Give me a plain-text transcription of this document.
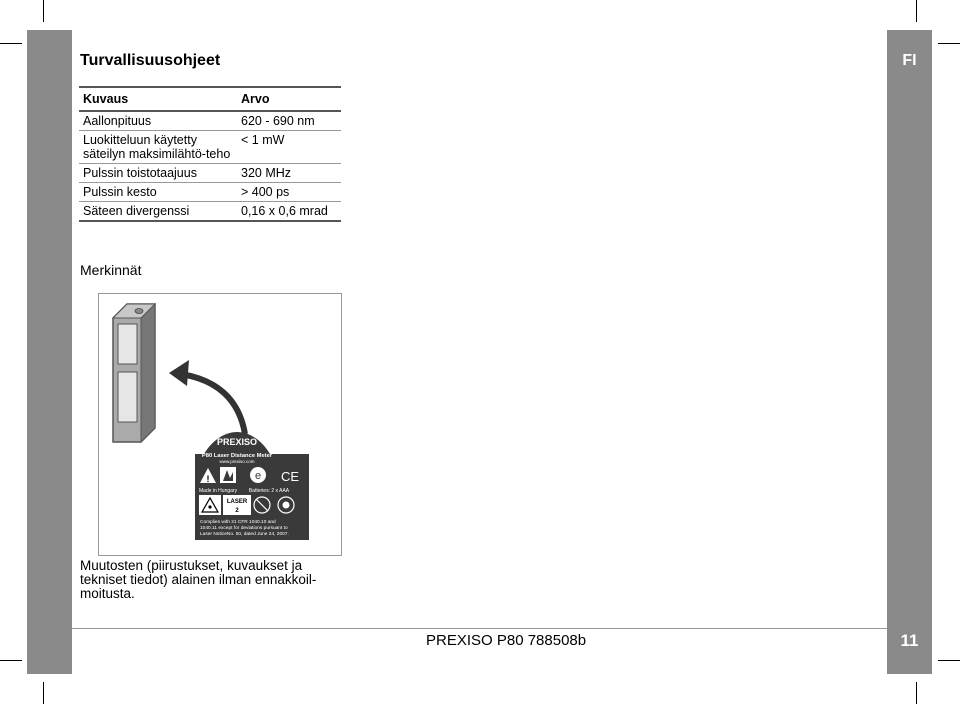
FI
11
Turvallisuusohjeet
Kuvaus	Arvo
Aallonpituus	620 - 690 nm
Luokitteluun käytetty säteilyn maksimilähtö-teho	< 1 mW
Pulssin toistotaajuus	320 MHz
Pulssin kesto	> 400 ps
Säteen divergenssi	0,16 x 0,6 mrad
Merkinnät
PREXISO
P80 Laser Distance Meter
www.prexiso.com
!	e CE
Made in Hungary Batteries: 2 x AAA
LASER
2
Complies with 21 CFR 1040.10 and
1040.11 except for deviations pursuant to
Laser NoticeNo. 50, dated June 24, 2007.
Muutosten (piirustukset, kuvaukset ja tekniset tiedot) alainen ilman ennakkoil-moitusta.
PREXISO P80 788508b
